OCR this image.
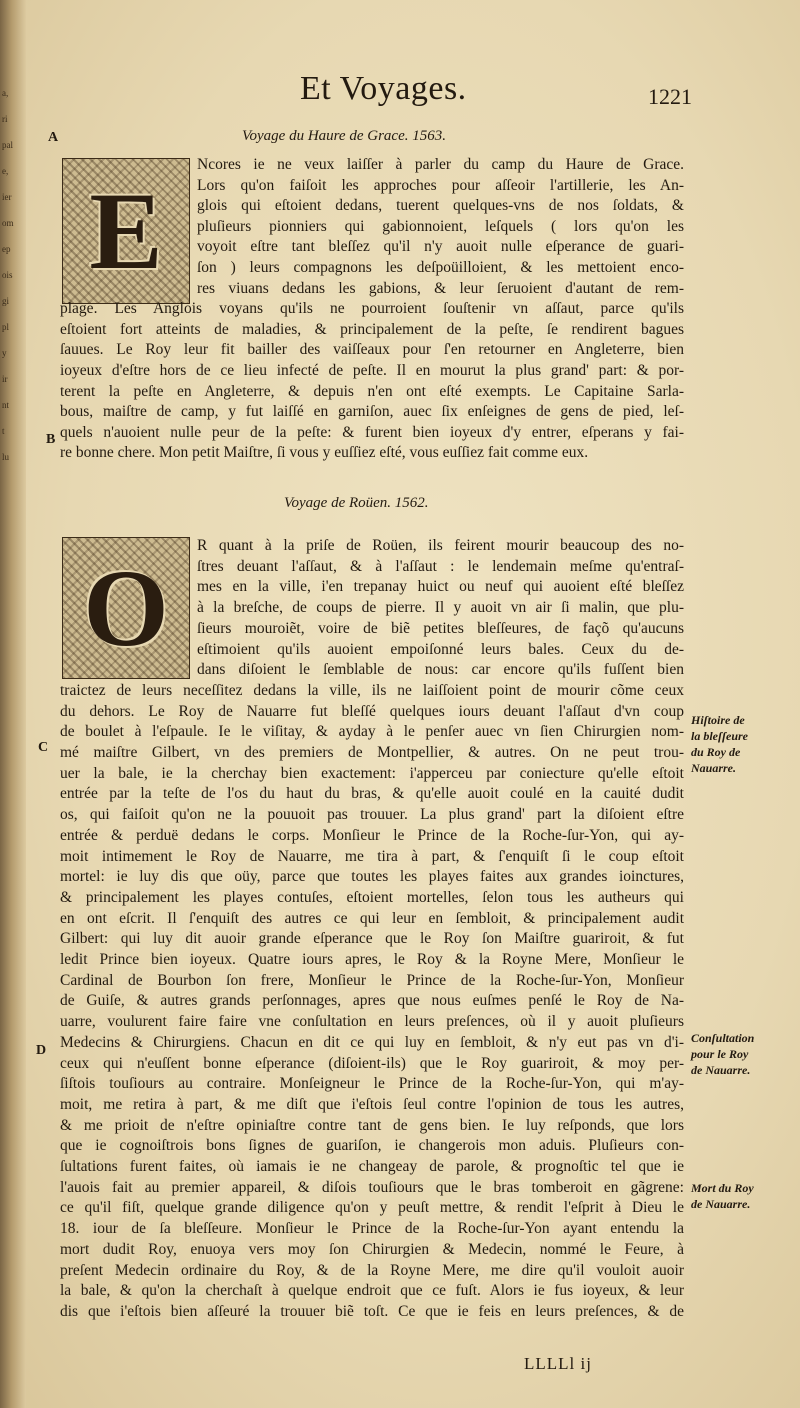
a,
ri
pal
e,
ier
om
ep
ois
gi
pl
y
ir
nt
t
lu
Et Voyages.	1221
A
B
C
D
Voyage du Haure de Grace. 1563.
E
Ncores ie ne veux laiſſer à parler du camp du Haure de Grace.
Lors qu'on faiſoit les approches pour aſſeoir l'artillerie, les An-
glois qui eſtoient dedans, tuerent quelques-vns de nos ſoldats, &
pluſieurs pionniers qui gabionnoient, leſquels ( lors qu'on les
voyoit eſtre tant bleſſez qu'il n'y auoit nulle eſperance de guari-
ſon ) leurs compagnons les deſpoüilloient, & les mettoient enco-
res viuans dedans les gabions, & leur ſeruoient d'autant de rem-
plage. Les Anglois voyans qu'ils ne pourroient ſouſtenir vn aſſaut, parce qu'ils
eſtoient fort atteints de maladies, & principalement de la peſte, ſe rendirent bagues
ſauues. Le Roy leur fit bailler des vaiſſeaux pour ſ'en retourner en Angleterre, bien
ioyeux d'eſtre hors de ce lieu infecté de peſte. Il en mourut la plus grand' part: & por-
terent la peſte en Angleterre, & depuis n'en ont eſté exempts. Le Capitaine Sarla-
bous, maiſtre de camp, y fut laiſſé en garniſon, auec ſix enſeignes de gens de pied, leſ-
quels n'auoient nulle peur de la peſte: & furent bien ioyeux d'y entrer, eſperans y fai-
re bonne chere. Mon petit Maiſtre, ſi vous y euſſiez eſté, vous euſſiez fait comme eux.
Voyage de Roüen. 1562.
O
R quant à la priſe de Roüen, ils feirent mourir beaucoup des no-
ſtres deuant l'aſſaut, & à l'aſſaut : le lendemain meſme qu'entraſ-
mes en la ville, i'en trepanay huict ou neuf qui auoient eſté bleſſez
à la breſche, de coups de pierre. Il y auoit vn air ſi malin, que plu-
ſieurs mouroiẽt, voire de biẽ petites bleſſeures, de façõ qu'aucuns
eſtimoient qu'ils auoient empoiſonné leurs bales. Ceux du de-
dans diſoient le ſemblable de nous: car encore qu'ils fuſſent bien
traictez de leurs neceſſitez dedans la ville, ils ne laiſſoient point de mourir cõme ceux
du dehors. Le Roy de Nauarre fut bleſſé quelques iours deuant l'aſſaut d'vn coup
de boulet à l'eſpaule. Ie le viſitay, & ayday à le penſer auec vn ſien Chirurgien nom-
mé maiſtre Gilbert, vn des premiers de Montpellier, & autres. On ne peut trou-
uer la bale, ie la cherchay bien exactement: i'apperceu par coniecture qu'elle eſtoit
entrée par la teſte de l'os du haut du bras, & qu'elle auoit coulé en la cauité dudit
os, qui faiſoit qu'on ne la pouuoit pas trouuer. La plus grand' part la diſoient eſtre
entrée & perduë dedans le corps. Monſieur le Prince de la Roche-ſur-Yon, qui ay-
moit intimement le Roy de Nauarre, me tira à part, & ſ'enquiſt ſi le coup eſtoit
mortel: ie luy dis que oüy, parce que toutes les playes faites aux grandes ioinctures,
& principalement les playes contuſes, eſtoient mortelles, ſelon tous les autheurs qui
en ont eſcrit. Il ſ'enquiſt des autres ce qui leur en ſembloit, & principalement audit
Gilbert: qui luy dit auoir grande eſperance que le Roy ſon Maiſtre guariroit, & fut
ledit Prince bien ioyeux. Quatre iours apres, le Roy & la Royne Mere, Monſieur le
Cardinal de Bourbon ſon frere, Monſieur le Prince de la Roche-ſur-Yon, Monſieur
de Guiſe, & autres grands perſonnages, apres que nous euſmes penſé le Roy de Na-
uarre, voulurent faire faire vne conſultation en leurs preſences, où il y auoit pluſieurs
Medecins & Chirurgiens. Chacun en dit ce qui luy en ſembloit, & n'y eut pas vn d'i-
ceux qui n'euſſent bonne eſperance (diſoient-ils) que le Roy guariroit, & moy per-
ſiſtois touſiours au contraire. Monſeigneur le Prince de la Roche-ſur-Yon, qui m'ay-
moit, me retira à part, & me diſt que i'eſtois ſeul contre l'opinion de tous les autres,
& me prioit de n'eſtre opiniaſtre contre tant de gens bien. Ie luy reſponds, que lors
que ie cognoiſtrois bons ſignes de guariſon, ie changerois mon aduis. Pluſieurs con-
ſultations furent faites, où iamais ie ne changeay de parole, & prognoſtic tel que ie
l'auois fait au premier appareil, & diſois touſiours que le bras tomberoit en gãgrene:
ce qu'il fiſt, quelque grande diligence qu'on y peuſt mettre, & rendit l'eſprit à Dieu le
18. iour de ſa bleſſeure. Monſieur le Prince de la Roche-ſur-Yon ayant entendu la
mort dudit Roy, enuoya vers moy ſon Chirurgien & Medecin, nommé le Feure, à
preſent Medecin ordinaire du Roy, & de la Royne Mere, me dire qu'il vouloit auoir
la bale, & qu'on la cherchaſt à quelque endroit que ce fuſt. Alors ie fus ioyeux, & leur
dis que i'eſtois bien aſſeuré la trouuer biẽ toſt. Ce que ie feis en leurs preſences, & de
Hiſtoire de
la bleſſeure
du Roy de
Nauarre.
Conſultation
pour le Roy
de Nauarre.
Mort du Roy
de Nauarre.
LLLLl ij
